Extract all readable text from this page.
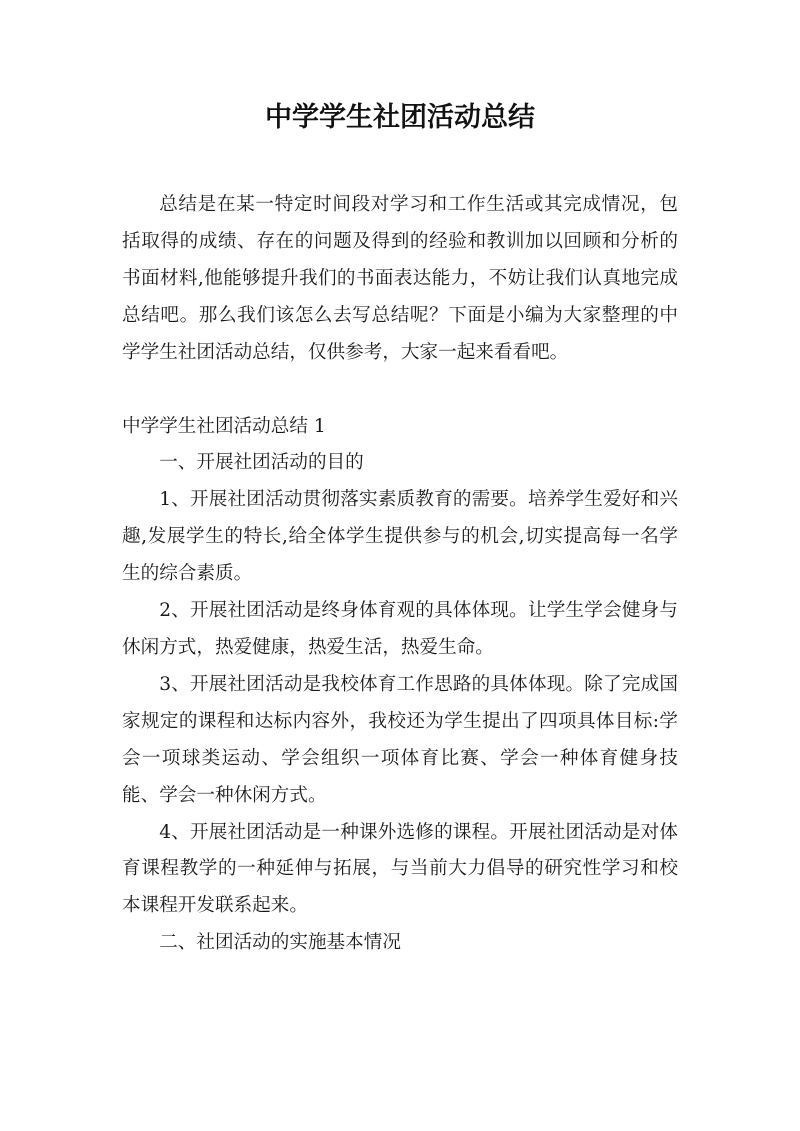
中学学生社团活动总结

总结是在某一特定时间段对学习和工作生活或其完成情况，包括取得的成绩、存在的问题及得到的经验和教训加以回顾和分析的书面材料,他能够提升我们的书面表达能力，不妨让我们认真地完成总结吧。那么我们该怎么去写总结呢？下面是小编为大家整理的中学学生社团活动总结，仅供参考，大家一起来看看吧。

中学学生社团活动总结 1

一、开展社团活动的目的

1、开展社团活动贯彻落实素质教育的需要。培养学生爱好和兴趣,发展学生的特长,给全体学生提供参与的机会,切实提高每一名学生的综合素质。

2、开展社团活动是终身体育观的具体体现。让学生学会健身与休闲方式，热爱健康，热爱生活，热爱生命。

3、开展社团活动是我校体育工作思路的具体体现。除了完成国家规定的课程和达标内容外，我校还为学生提出了四项具体目标:学会一项球类运动、学会组织一项体育比赛、学会一种体育健身技能、学会一种休闲方式。

4、开展社团活动是一种课外选修的课程。开展社团活动是对体育课程教学的一种延伸与拓展，与当前大力倡导的研究性学习和校本课程开发联系起来。

二、社团活动的实施基本情况
